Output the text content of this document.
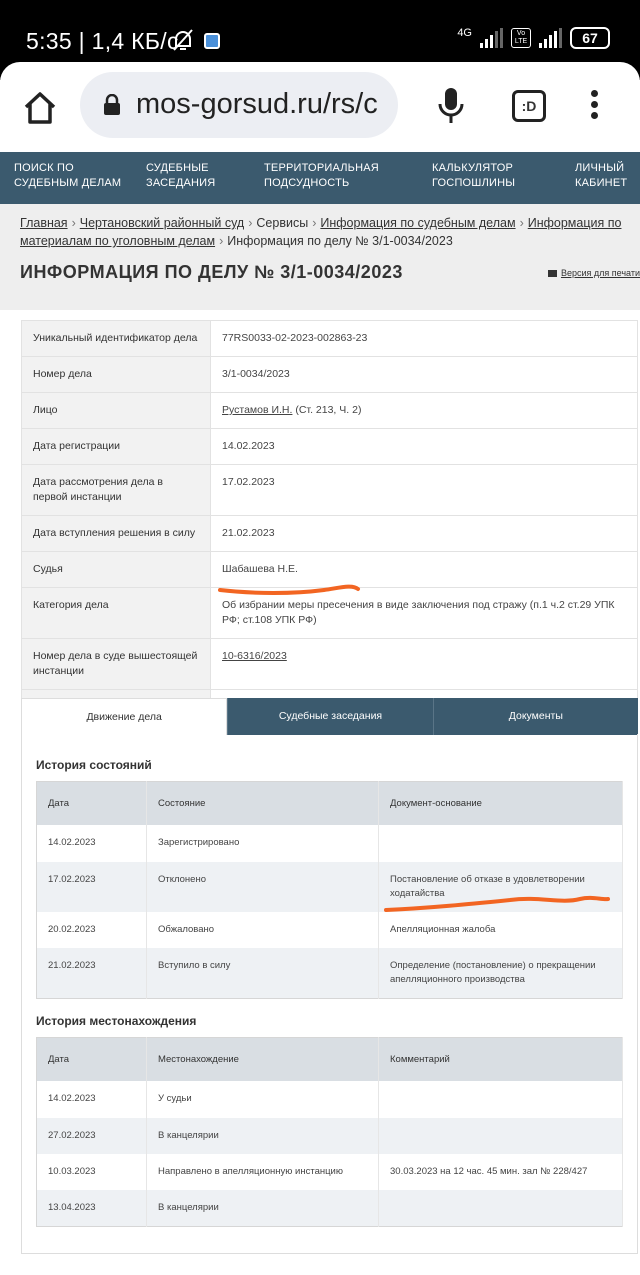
5:35 | 1,4 КБ/с	4G	Vo LTE	67
mos-gorsud.ru/rs/c	:D
ПОИСК ПО
СУДЕБНЫМ ДЕЛАМ
СУДЕБНЫЕ
ЗАСЕДАНИЯ
ТЕРРИТОРИАЛЬНАЯ
ПОДСУДНОСТЬ
КАЛЬКУЛЯТОР
ГОСПОШЛИНЫ
ЛИЧНЫЙ
КАБИНЕТ
Главная › Чертановский районный суд › Сервисы › Информация по судебным делам › Информация по материалам по уголовным делам › Информация по делу № 3/1-0034/2023
ИНФОРМАЦИЯ ПО ДЕЛУ № 3/1-0034/2023	Версия для печати
Уникальный идентификатор дела	77RS0033-02-2023-002863-23
Номер дела	3/1-0034/2023
Лицо	Рустамов И.Н. (Ст. 213, Ч. 2)
Дата регистрации	14.02.2023
Дата рассмотрения дела в первой инстанции	17.02.2023
Дата вступления решения в силу	21.02.2023
Судья	Шабашева Н.Е.
Категория дела	Об избрании меры пресечения в виде заключения под стражу (п.1 ч.2 ст.29 УПК РФ; ст.108 УПК РФ)
Номер дела в суде вышестоящей инстанции	10-6316/2023

Движение дела	Судебные заседания	Документы
История состояний
Дата	Состояние	Документ-основание
14.02.2023	Зарегистрировано	
17.02.2023	Отклонено	Постановление об отказе в удовлетворении ходатайства
20.02.2023	Обжаловано	Апелляционная жалоба
21.02.2023	Вступило в силу	Определение (постановление) о прекращении апелляционного производства
История местонахождения
Дата	Местонахождение	Комментарий
14.02.2023	У судьи	
27.02.2023	В канцелярии	
10.03.2023	Направлено в апелляционную инстанцию	30.03.2023 на 12 час. 45 мин. зал № 228/427
13.04.2023	В канцелярии	
